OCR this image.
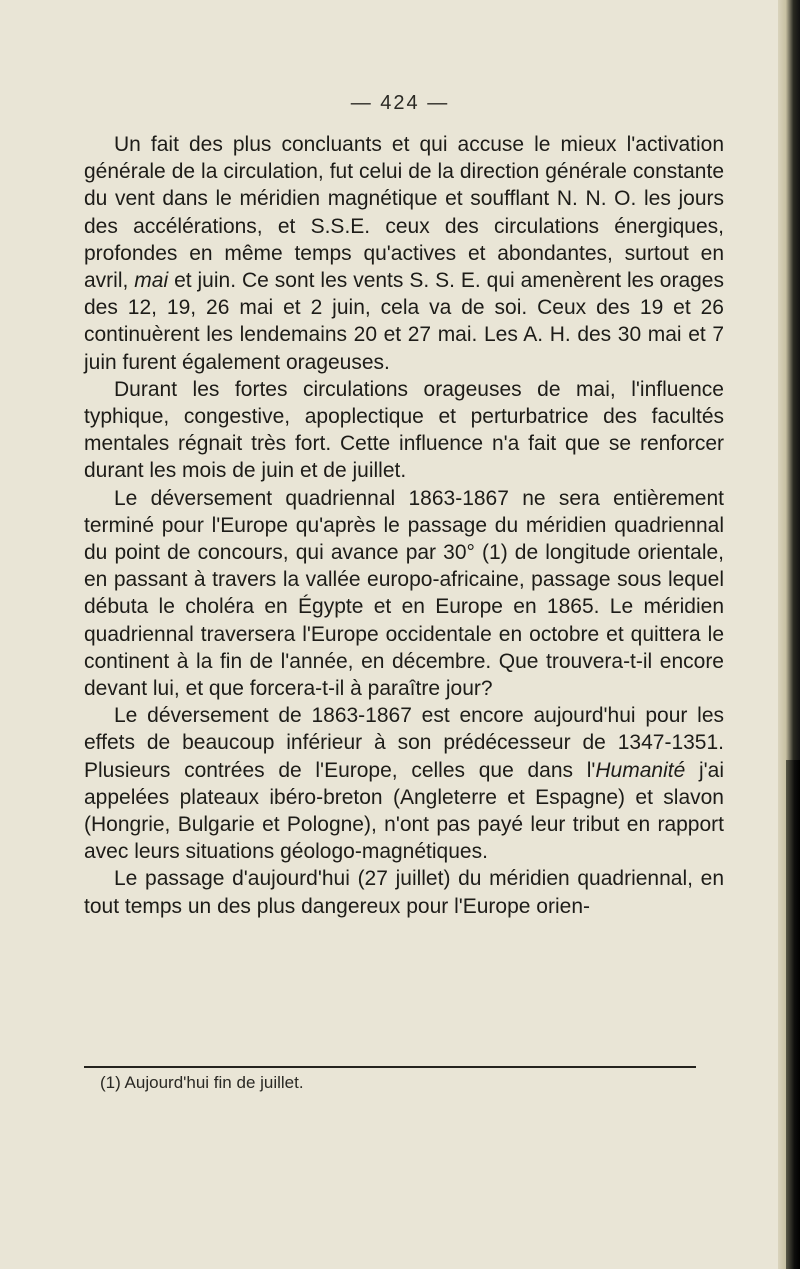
— 424 —

Un fait des plus concluants et qui accuse le mieux l'activation générale de la circulation, fut celui de la direction générale constante du vent dans le méridien magnétique et soufflant N. N. O. les jours des accélérations, et S.S.E. ceux des circulations énergiques, profondes en même temps qu'actives et abondantes, surtout en avril, mai et juin. Ce sont les vents S. S. E. qui amenèrent les orages des 12, 19, 26 mai et 2 juin, cela va de soi. Ceux des 19 et 26 continuèrent les lendemains 20 et 27 mai. Les A. H. des 30 mai et 7 juin furent également orageuses.

Durant les fortes circulations orageuses de mai, l'influence typhique, congestive, apoplectique et perturbatrice des facultés mentales régnait très fort. Cette influence n'a fait que se renforcer durant les mois de juin et de juillet.

Le déversement quadriennal 1863-1867 ne sera entièrement terminé pour l'Europe qu'après le passage du méridien quadriennal du point de concours, qui avance par 30° (1) de longitude orientale, en passant à travers la vallée europo-africaine, passage sous lequel débuta le choléra en Égypte et en Europe en 1865. Le méridien quadriennal traversera l'Europe occidentale en octobre et quittera le continent à la fin de l'année, en décembre. Que trouvera-t-il encore devant lui, et que forcera-t-il à paraître jour?

Le déversement de 1863-1867 est encore aujourd'hui pour les effets de beaucoup inférieur à son prédécesseur de 1347-1351. Plusieurs contrées de l'Europe, celles que dans l'Humanité j'ai appelées plateaux ibéro-breton (Angleterre et Espagne) et slavon (Hongrie, Bulgarie et Pologne), n'ont pas payé leur tribut en rapport avec leurs situations géologo-magnétiques.

Le passage d'aujourd'hui (27 juillet) du méridien quadriennal, en tout temps un des plus dangereux pour l'Europe orien-

(1) Aujourd'hui fin de juillet.
